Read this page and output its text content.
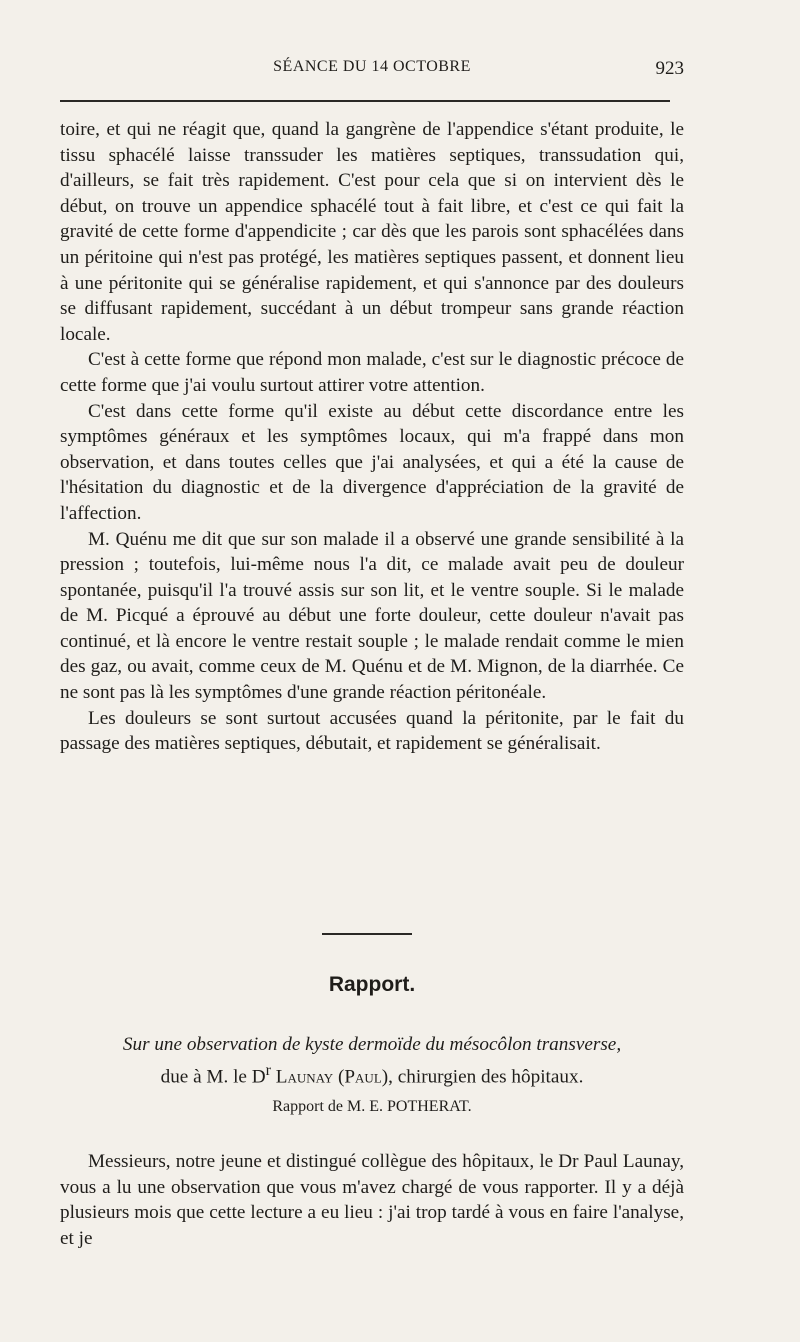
SÉANCE DU 14 OCTOBRE	923

toire, et qui ne réagit que, quand la gangrène de l'appendice s'étant produite, le tissu sphacélé laisse transsuder les matières septiques, transsudation qui, d'ailleurs, se fait très rapidement. C'est pour cela que si on intervient dès le début, on trouve un appendice sphacélé tout à fait libre, et c'est ce qui fait la gravité de cette forme d'appendicite ; car dès que les parois sont sphacélées dans un péritoine qui n'est pas protégé, les matières septiques passent, et donnent lieu à une péritonite qui se généralise rapidement, et qui s'annonce par des douleurs se diffusant rapidement, succédant à un début trompeur sans grande réaction locale.

C'est à cette forme que répond mon malade, c'est sur le diagnostic précoce de cette forme que j'ai voulu surtout attirer votre attention.

C'est dans cette forme qu'il existe au début cette discordance entre les symptômes généraux et les symptômes locaux, qui m'a frappé dans mon observation, et dans toutes celles que j'ai analysées, et qui a été la cause de l'hésitation du diagnostic et de la divergence d'appréciation de la gravité de l'affection.

M. Quénu me dit que sur son malade il a observé une grande sensibilité à la pression ; toutefois, lui-même nous l'a dit, ce malade avait peu de douleur spontanée, puisqu'il l'a trouvé assis sur son lit, et le ventre souple. Si le malade de M. Picqué a éprouvé au début une forte douleur, cette douleur n'avait pas continué, et là encore le ventre restait souple ; le malade rendait comme le mien des gaz, ou avait, comme ceux de M. Quénu et de M. Mignon, de la diarrhée. Ce ne sont pas là les symptômes d'une grande réaction péritonéale.

Les douleurs se sont surtout accusées quand la péritonite, par le fait du passage des matières septiques, débutait, et rapidement se généralisait.

Rapport.
Sur une observation de kyste dermoïde du mésocôlon transverse,
due à M. le $D^r$ Launay (Paul), chirurgien des hôpitaux.
Rapport de M. E. POTHERAT.

Messieurs, notre jeune et distingué collègue des hôpitaux, le Dr Paul Launay, vous a lu une observation que vous m'avez chargé de vous rapporter. Il y a déjà plusieurs mois que cette lecture a eu lieu : j'ai trop tardé à vous en faire l'analyse, et je
